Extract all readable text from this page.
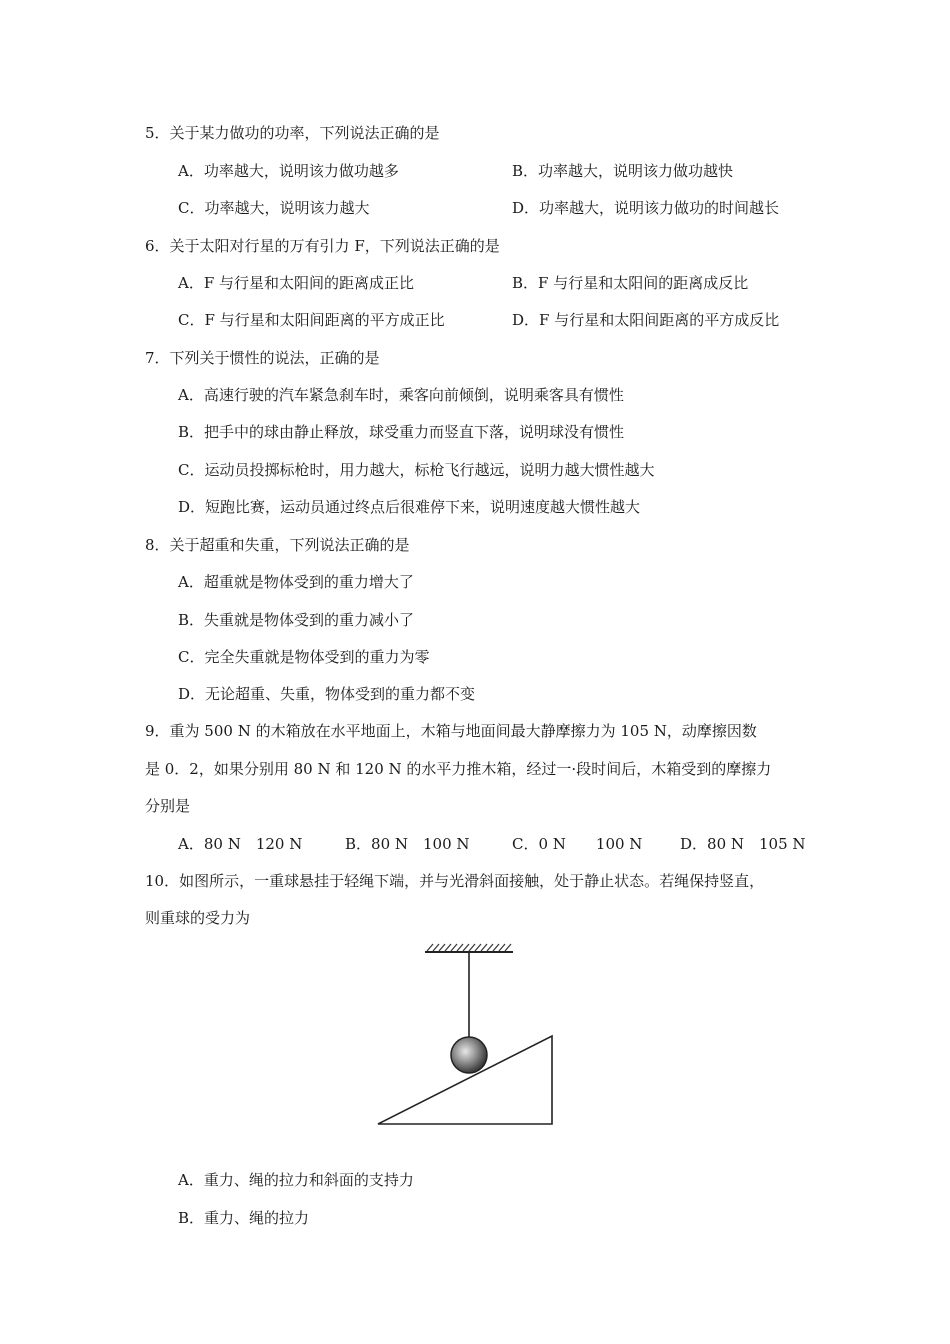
5．关于某力做功的功率，下列说法正确的是
A．功率越大，说明该力做功越多	B．功率越大，说明该力做功越快
C．功率越大，说明该力越大	D．功率越大，说明该力做功的时间越长
6．关于太阳对行星的万有引力 F，下列说法正确的是
A．F 与行星和太阳间的距离成正比	B．F 与行星和太阳间的距离成反比
C．F 与行星和太阳间距离的平方成正比	D．F 与行星和太阳间距离的平方成反比
7．下列关于惯性的说法，正确的是
A．高速行驶的汽车紧急刹车时，乘客向前倾倒，说明乘客具有惯性
B．把手中的球由静止释放，球受重力而竖直下落，说明球没有惯性
C．运动员投掷标枪时，用力越大，标枪飞行越远，说明力越大惯性越大
D．短跑比赛，运动员通过终点后很难停下来，说明速度越大惯性越大
8．关于超重和失重，下列说法正确的是
A．超重就是物体受到的重力增大了
B．失重就是物体受到的重力减小了
C．完全失重就是物体受到的重力为零
D．无论超重、失重，物体受到的重力都不变
9．重为 500 N 的木箱放在水平地面上，木箱与地面间最大静摩擦力为 105 N，动摩擦因数
是 0．2，如果分别用 80 N 和 120 N 的水平力推木箱，经过一·段时间后，木箱受到的摩擦力
分别是
A．80 N　120 N	B．80 N　100 N	C．0 N　　100 N	D．80 N　105 N
10．如图所示，一重球悬挂于轻绳下端，并与光滑斜面接触，处于静止状态。若绳保持竖直，
则重球的受力为
A．重力、绳的拉力和斜面的支持力
B．重力、绳的拉力
